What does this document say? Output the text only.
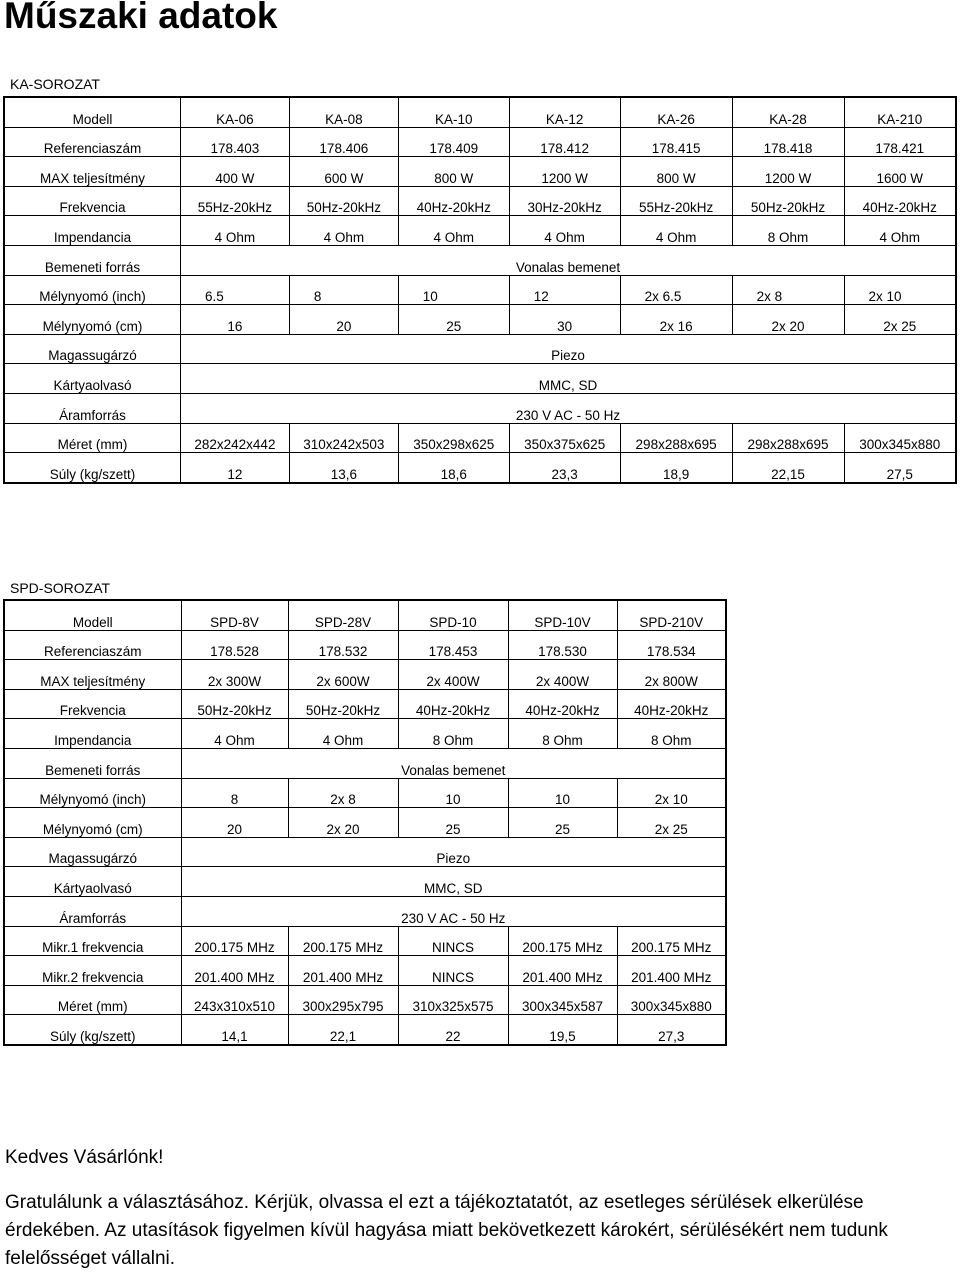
Műszaki adatok
KA-SOROZAT
Modell	KA-06	KA-08	KA-10	KA-12	KA-26	KA-28	KA-210
Referenciaszám	178.403	178.406	178.409	178.412	178.415	178.418	178.421
MAX teljesítmény	400 W	600 W	800 W	1200 W	800 W	1200 W	1600 W
Frekvencia	55Hz-20kHz	50Hz-20kHz	40Hz-20kHz	30Hz-20kHz	55Hz-20kHz	50Hz-20kHz	40Hz-20kHz
Impendancia	4 Ohm	4 Ohm	4 Ohm	4 Ohm	4 Ohm	8 Ohm	4 Ohm
Bemeneti forrás	Vonalas bemenet						
Mélynyomó (inch)	6.5	8	10	12	2x 6.5	2x 8	2x 10
Mélynyomó (cm)	16	20	25	30	2x 16	2x 20	2x 25
Magassugárzó	Piezo						
Kártyaolvasó	MMC, SD						
Áramforrás	230 V AC - 50 Hz						
Méret (mm)	282x242x442	310x242x503	350x298x625	350x375x625	298x288x695	298x288x695	300x345x880
Súly (kg/szett)	12	13,6	18,6	23,3	18,9	22,15	27,5
SPD-SOROZAT
Modell	SPD-8V	SPD-28V	SPD-10	SPD-10V	SPD-210V
Referenciaszám	178.528	178.532	178.453	178.530	178.534
MAX teljesítmény	2x 300W	2x 600W	2x 400W	2x 400W	2x 800W
Frekvencia	50Hz-20kHz	50Hz-20kHz	40Hz-20kHz	40Hz-20kHz	40Hz-20kHz
Impendancia	4 Ohm	4 Ohm	8 Ohm	8 Ohm	8 Ohm
Bemeneti forrás	Vonalas bemenet				
Mélynyomó (inch)	8	2x 8	10	10	2x 10
Mélynyomó (cm)	20	2x 20	25	25	2x 25
Magassugárzó	Piezo				
Kártyaolvasó	MMC, SD				
Áramforrás	230 V AC - 50 Hz				
Mikr.1 frekvencia	200.175 MHz	200.175 MHz	NINCS	200.175 MHz	200.175 MHz
Mikr.2 frekvencia	201.400 MHz	201.400 MHz	NINCS	201.400 MHz	201.400 MHz
Méret (mm)	243x310x510	300x295x795	310x325x575	300x345x587	300x345x880
Súly (kg/szett)	14,1	22,1	22	19,5	27,3
Kedves Vásárlónk!
Gratulálunk a választásához. Kérjük, olvassa el ezt a tájékoztatatót, az esetleges sérülések elkerülése érdekében. Az utasítások figyelmen kívül hagyása miatt bekövetkezett károkért, sérülésékért nem tudunk felelősséget vállalni.
